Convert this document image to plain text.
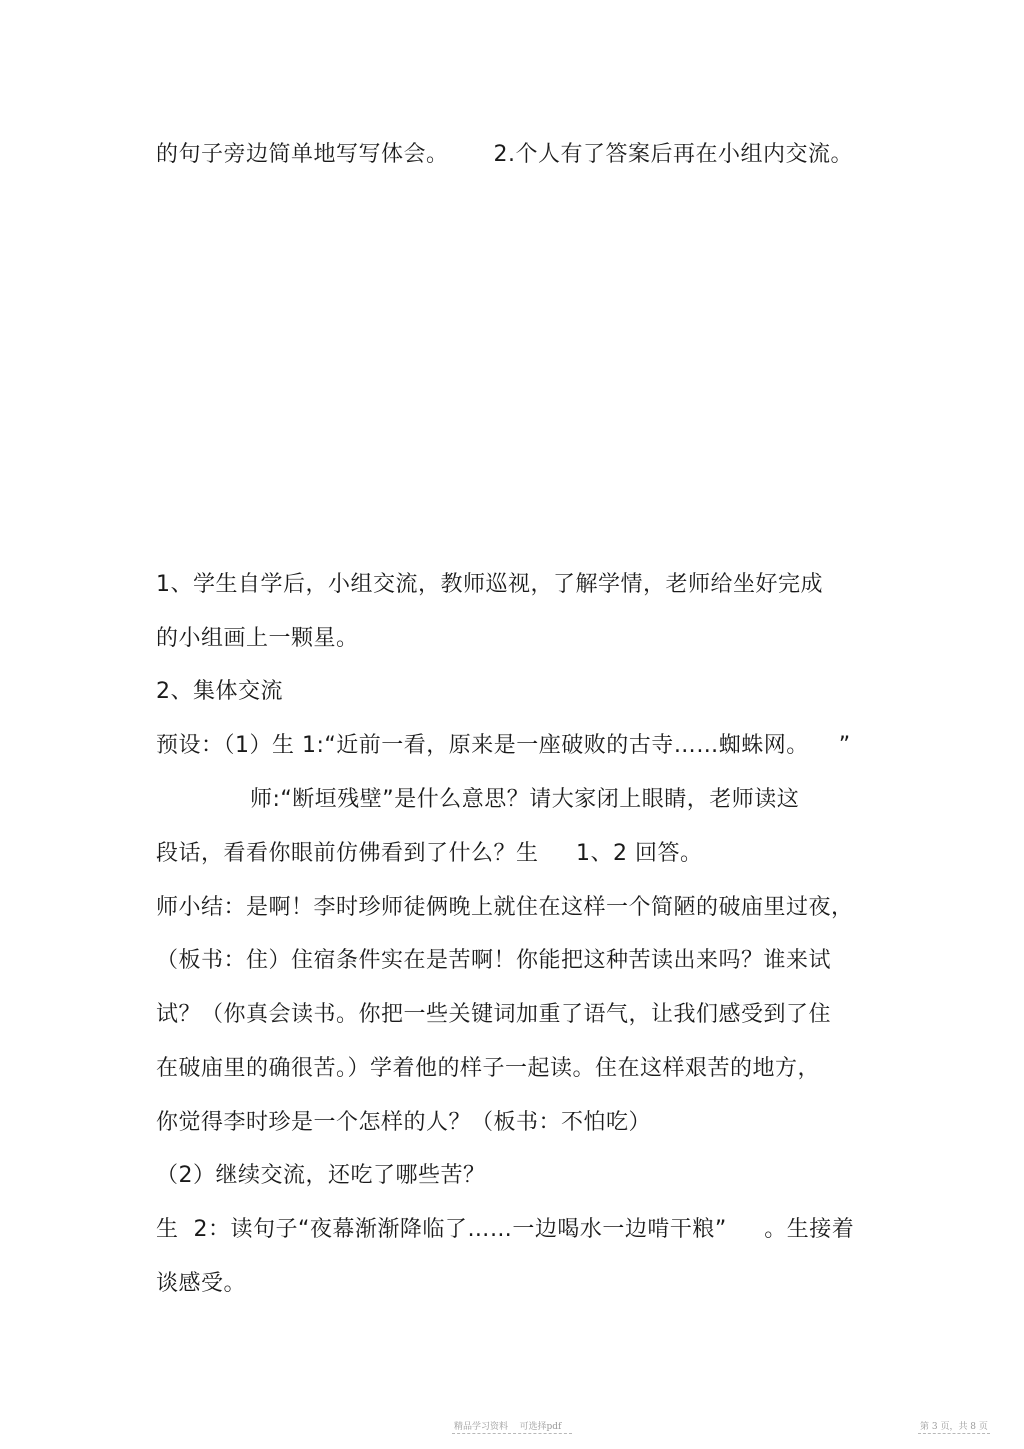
的句子旁边简单地写写体会。      2.个人有了答案后再在小组内交流。
1、学生自学后，小组交流，教师巡视，了解学情，老师给坐好完成
的小组画上一颗星。
2、集体交流
预设：（1）生 1:“近前一看，原来是一座破败的古寺……蜘蛛网。    ”
师:“断垣残壁”是什么意思？请大家闭上眼睛，老师读这
段话，看看你眼前仿佛看到了什么？生     1、2 回答。
师小结：是啊！李时珍师徒俩晚上就住在这样一个简陋的破庙里过夜，
（板书：住）住宿条件实在是苦啊！你能把这种苦读出来吗？谁来试
试？（你真会读书。你把一些关键词加重了语气，让我们感受到了住
在破庙里的确很苦。）学着他的样子一起读。住在这样艰苦的地方，
你觉得李时珍是一个怎样的人？（板书：不怕吃）
（2）继续交流，还吃了哪些苦？
生  2：读句子“夜幕渐渐降临了……一边喝水一边啃干粮”     。生接着
谈感受。
精品学习资料    可选择pdf	第 3 页，共 8 页
